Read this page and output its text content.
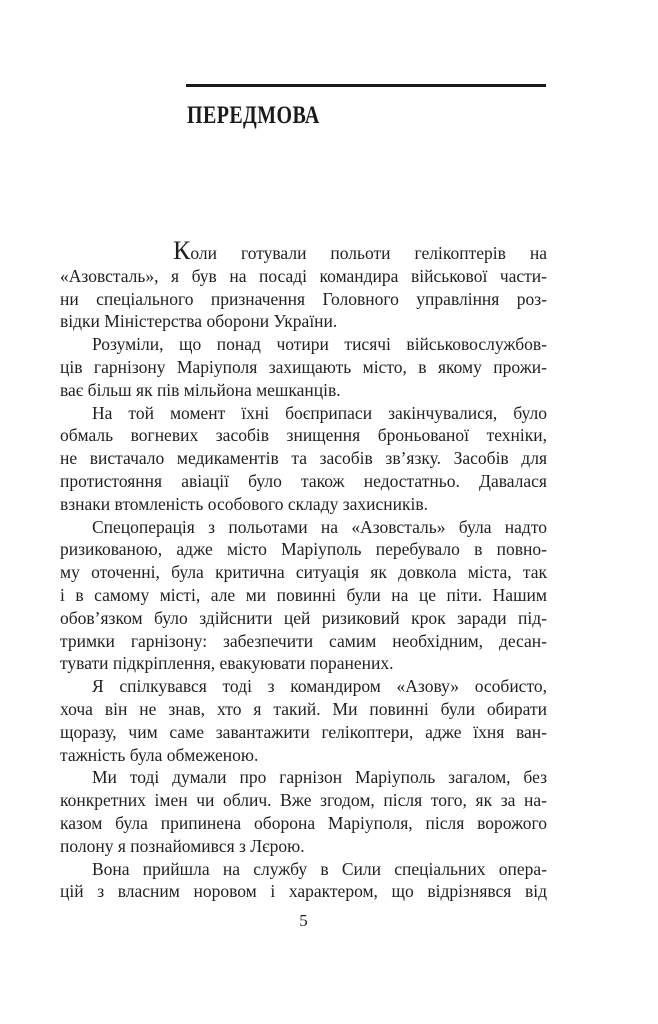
ПЕРЕДМОВА
Коли готували польоти гелікоптерів на
«Азовсталь», я був на посаді командира військової части-
ни спеціального призначення Головного управління роз-
відки Міністерства оборони України.
Розуміли, що понад чотири тисячі військовослужбов-
ців гарнізону Маріуполя захищають місто, в якому прожи-
ває більш як пів мільйона мешканців.
На той момент їхні боєприпаси закінчувалися, було
обмаль вогневих засобів знищення броньованої техніки,
не вистачало медикаментів та засобів зв’язку. Засобів для
протистояння авіації було також недостатньо. Давалася
взнаки втомленість особового складу захисників.
Спецоперація з польотами на «Азовсталь» була надто
ризикованою, адже місто Маріуполь перебувало в повно-
му оточенні, була критична ситуація як довкола міста, так
і в самому місті, але ми повинні були на це піти. Нашим
обов’язком було здійснити цей ризиковий крок заради під-
тримки гарнізону: забезпечити самим необхідним, десан-
тувати підкріплення, евакуювати поранених.
Я спілкувався тоді з командиром «Азову» особисто,
хоча він не знав, хто я такий. Ми повинні були обирати
щоразу, чим саме завантажити гелікоптери, адже їхня ван-
тажність була обмеженою.
Ми тоді думали про гарнізон Маріуполь загалом, без
конкретних імен чи облич. Вже згодом, після того, як за на-
казом була припинена оборона Маріуполя, після ворожого
полону я познайомився з Лєрою.
Вона прийшла на службу в Сили спеціальних опера-
цій з власним норовом і характером, що відрізнявся від
5
